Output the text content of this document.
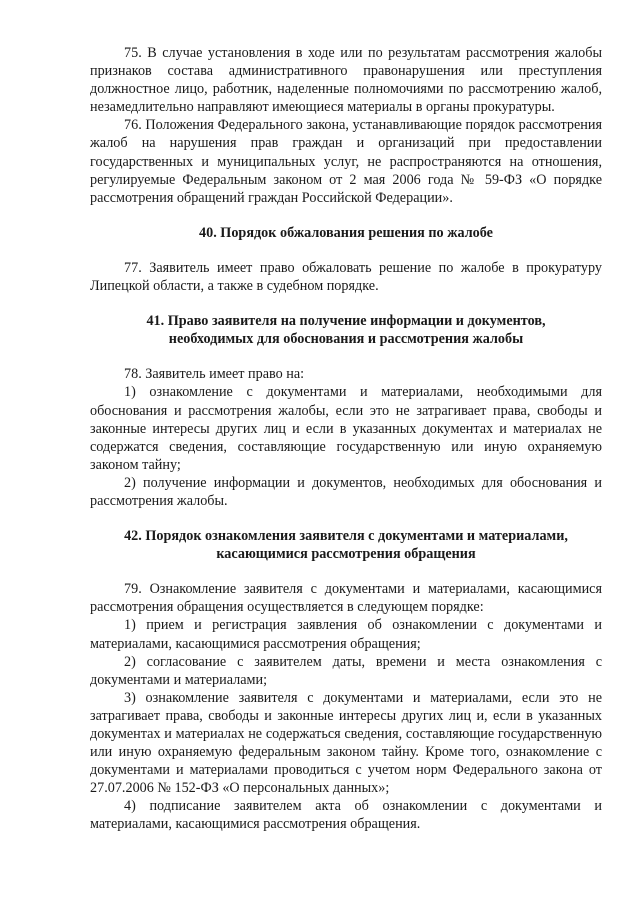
75. В случае установления в ходе или по результатам рассмотрения жалобы признаков состава административного правонарушения или преступления должностное лицо, работник, наделенные полномочиями по рассмотрению жалоб, незамедлительно направляют имеющиеся материалы в органы прокуратуры.

76. Положения Федерального закона, устанавливающие порядок рассмотрения жалоб на нарушения прав граждан и организаций при предоставлении государственных и муниципальных услуг, не распространяются на отношения, регулируемые Федеральным законом от 2 мая 2006 года № 59-ФЗ «О порядке рассмотрения обращений граждан Российской Федерации».

40. Порядок обжалования решения по жалобе

77. Заявитель имеет право обжаловать решение по жалобе в прокуратуру Липецкой области, а также в судебном порядке.

41. Право заявителя на получение информации и документов,

необходимых для обоснования и рассмотрения жалобы

78. Заявитель имеет право на:

1) ознакомление с документами и материалами, необходимыми для обоснования и рассмотрения жалобы, если это не затрагивает права, свободы и законные интересы других лиц и если в указанных документах и материалах не содержатся сведения, составляющие государственную или иную охраняемую законом тайну;

2) получение информации и документов, необходимых для обоснования и рассмотрения жалобы.

42. Порядок ознакомления заявителя с документами и материалами,

касающимися рассмотрения обращения

79. Ознакомление заявителя с документами и материалами, касающимися рассмотрения обращения осуществляется в следующем порядке:

1) прием и регистрация заявления об ознакомлении с документами и материалами, касающимися рассмотрения обращения;

2) согласование с заявителем даты, времени и места ознакомления с документами и материалами;

3) ознакомление заявителя с документами и материалами, если это не затрагивает права, свободы и законные интересы других лиц и, если в указанных документах и материалах не содержаться сведения, составляющие государственную или иную охраняемую федеральным законом тайну. Кроме того, ознакомление с документами и материалами проводиться с учетом норм Федерального закона от 27.07.2006 № 152-ФЗ «О персональных данных»;

4) подписание заявителем акта об ознакомлении с документами и материалами, касающимися рассмотрения обращения.
